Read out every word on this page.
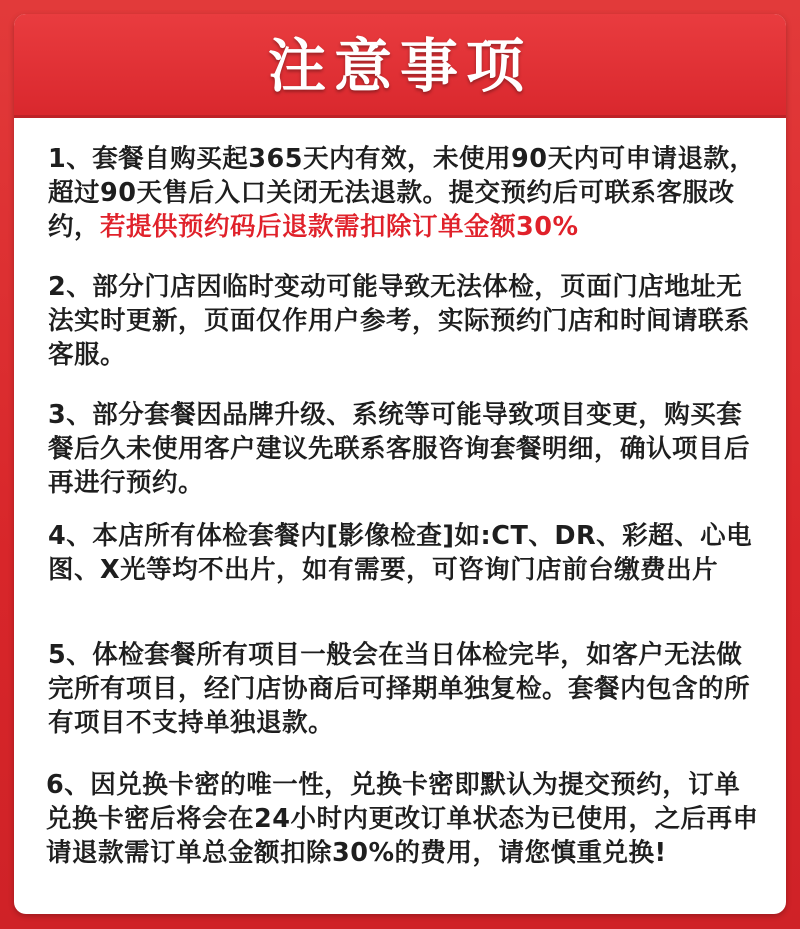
注意事项
1、套餐自购买起365天内有效，未使用90天内可申请退款，超过90天售后入口关闭无法退款。提交预约后可联系客服改约，若提供预约码后退款需扣除订单金额30%
2、部分门店因临时变动可能导致无法体检，页面门店地址无法实时更新，页面仅作用户参考，实际预约门店和时间请联系客服。
3、部分套餐因品牌升级、系统等可能导致项目变更，购买套餐后久未使用客户建议先联系客服咨询套餐明细，确认项目后再进行预约。
4、本店所有体检套餐内[影像检查]如:CT、DR、彩超、心电图、X光等均不出片，如有需要，可咨询门店前台缴费出片
5、体检套餐所有项目一般会在当日体检完毕，如客户无法做完所有项目，经门店协商后可择期单独复检。套餐内包含的所有项目不支持单独退款。
6、因兑换卡密的唯一性，兑换卡密即默认为提交预约，订单兑换卡密后将会在24小时内更改订单状态为已使用，之后再申请退款需订单总金额扣除30%的费用，请您慎重兑换!
